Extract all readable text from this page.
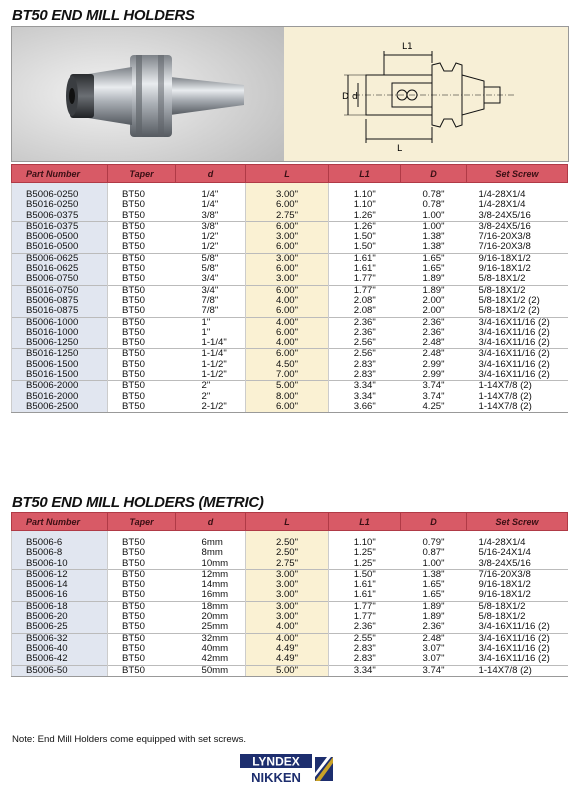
BT50 END MILL HOLDERS
L1
D d
L
Part Number	Taper	d	L	L1	D	Set Screw

B5006-0250	BT50	1/4"	3.00"	1.10"	0.78"	1/4-28X1/4
B5016-0250	BT50	1/4"	6.00"	1.10"	0.78"	1/4-28X1/4
B5006-0375	BT50	3/8"	2.75"	1.26"	1.00"	3/8-24X5/16
B5016-0375	BT50	3/8"	6.00"	1.26"	1.00"	3/8-24X5/16
B5006-0500	BT50	1/2"	3.00"	1.50"	1.38"	7/16-20X3/8
B5016-0500	BT50	1/2"	6.00"	1.50"	1.38"	7/16-20X3/8
B5006-0625	BT50	5/8"	3.00"	1.61"	1.65"	9/16-18X1/2
B5016-0625	BT50	5/8"	6.00"	1.61"	1.65"	9/16-18X1/2
B5006-0750	BT50	3/4"	3.00"	1.77"	1.89"	5/8-18X1/2
B5016-0750	BT50	3/4"	6.00"	1.77"	1.89"	5/8-18X1/2
B5006-0875	BT50	7/8"	4.00"	2.08"	2.00"	5/8-18X1/2 (2)
B5016-0875	BT50	7/8"	6.00"	2.08"	2.00"	5/8-18X1/2 (2)
B5006-1000	BT50	1"	4.00"	2.36"	2.36"	3/4-16X11/16 (2)
B5016-1000	BT50	1"	6.00"	2.36"	2.36"	3/4-16X11/16 (2)
B5006-1250	BT50	1-1/4"	4.00"	2.56"	2.48"	3/4-16X11/16 (2)
B5016-1250	BT50	1-1/4"	6.00"	2.56"	2.48"	3/4-16X11/16 (2)
B5006-1500	BT50	1-1/2"	4.50"	2.83"	2.99"	3/4-16X11/16 (2)
B5016-1500	BT50	1-1/2"	7.00"	2.83"	2.99"	3/4-16X11/16 (2)
B5006-2000	BT50	2"	5.00"	3.34"	3.74"	1-14X7/8 (2)
B5016-2000	BT50	2"	8.00"	3.34"	3.74"	1-14X7/8 (2)
B5006-2500	BT50	2-1/2"	6.00"	3.66"	4.25"	1-14X7/8 (2)
BT50 END MILL HOLDERS (METRIC)
Part Number	Taper	d	L	L1	D	Set Screw

B5006-6	BT50	6mm	2.50"	1.10"	0.79"	1/4-28X1/4
B5006-8	BT50	8mm	2.50"	1.25"	0.87"	5/16-24X1/4
B5006-10	BT50	10mm	2.75"	1.25"	1.00"	3/8-24X5/16
B5006-12	BT50	12mm	3.00"	1.50"	1.38"	7/16-20X3/8
B5006-14	BT50	14mm	3.00"	1.61"	1.65"	9/16-18X1/2
B5006-16	BT50	16mm	3.00"	1.61"	1.65"	9/16-18X1/2
B5006-18	BT50	18mm	3.00"	1.77"	1.89"	5/8-18X1/2
B5006-20	BT50	20mm	3.00"	1.77"	1.89"	5/8-18X1/2
B5006-25	BT50	25mm	4.00"	2.36"	2.36"	3/4-16X11/16 (2)
B5006-32	BT50	32mm	4.00"	2.55"	2.48"	3/4-16X11/16 (2)
B5006-40	BT50	40mm	4.49"	2.83"	3.07"	3/4-16X11/16 (2)
B5006-42	BT50	42mm	4.49"	2.83"	3.07"	3/4-16X11/16 (2)
B5006-50	BT50	50mm	5.00"	3.34"	3.74"	1-14X7/8 (2)
Note: End Mill Holders come equipped with set screws.
LYNDEX
NIKKEN
